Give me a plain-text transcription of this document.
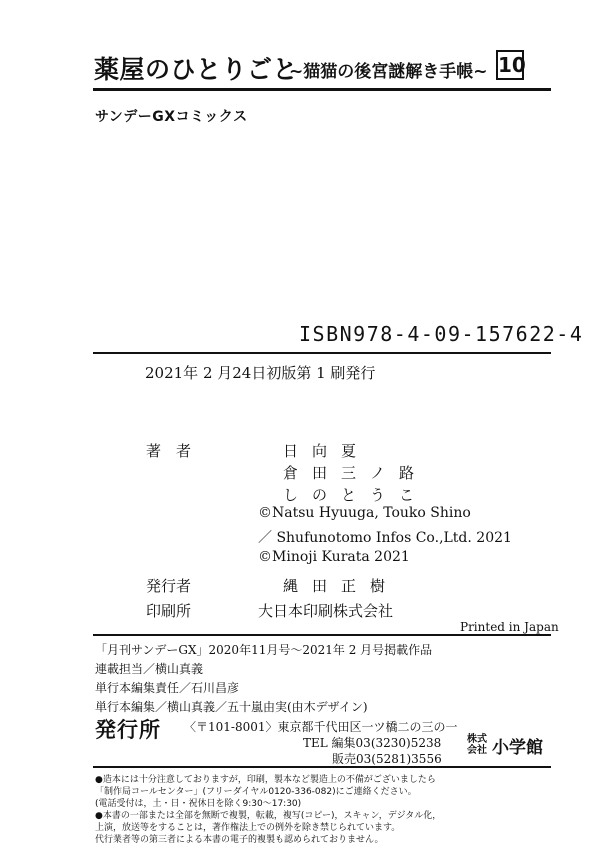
薬屋のひとりごと
~猫猫の後宮謎解き手帳~ 10
サンデーGXコミックス
ISBN978-4-09-157622-4
2021年 2 月24日初版第 1 刷発行
著　者	日向夏
倉田三ノ路
しのとうこ
©Natsu Hyuuga, Touko Shino
／ Shufunotomo Infos Co.,Ltd. 2021
©Minoji Kurata 2021
発行者	縄田正樹
印刷所	大日本印刷株式会社
Printed in Japan
「月刊サンデーGX」2020年11月号～2021年 2 月号掲載作品
連載担当／横山真義
単行本編集責任／石川昌彦
単行本編集／横山真義／五十嵐由実(由木デザイン)
発行所 〈〒101-8001〉東京都千代田区一ツ橋二の三の一
TEL 編集03(3230)5238
販売03(5281)3556
株式会社 小学館
●造本には十分注意しておりますが，印刷，製本など製造上の不備がございましたら
「制作局コールセンター」(フリーダイヤル0120-336-082)にご連絡ください。
(電話受付は，土・日・祝休日を除く9:30～17:30)
●本書の一部または全部を無断で複製，転載，複写(コピー)，スキャン，デジタル化，
上演，放送等をすることは，著作権法上での例外を除き禁じられています。
代行業者等の第三者による本書の電子的複製も認められておりません。
